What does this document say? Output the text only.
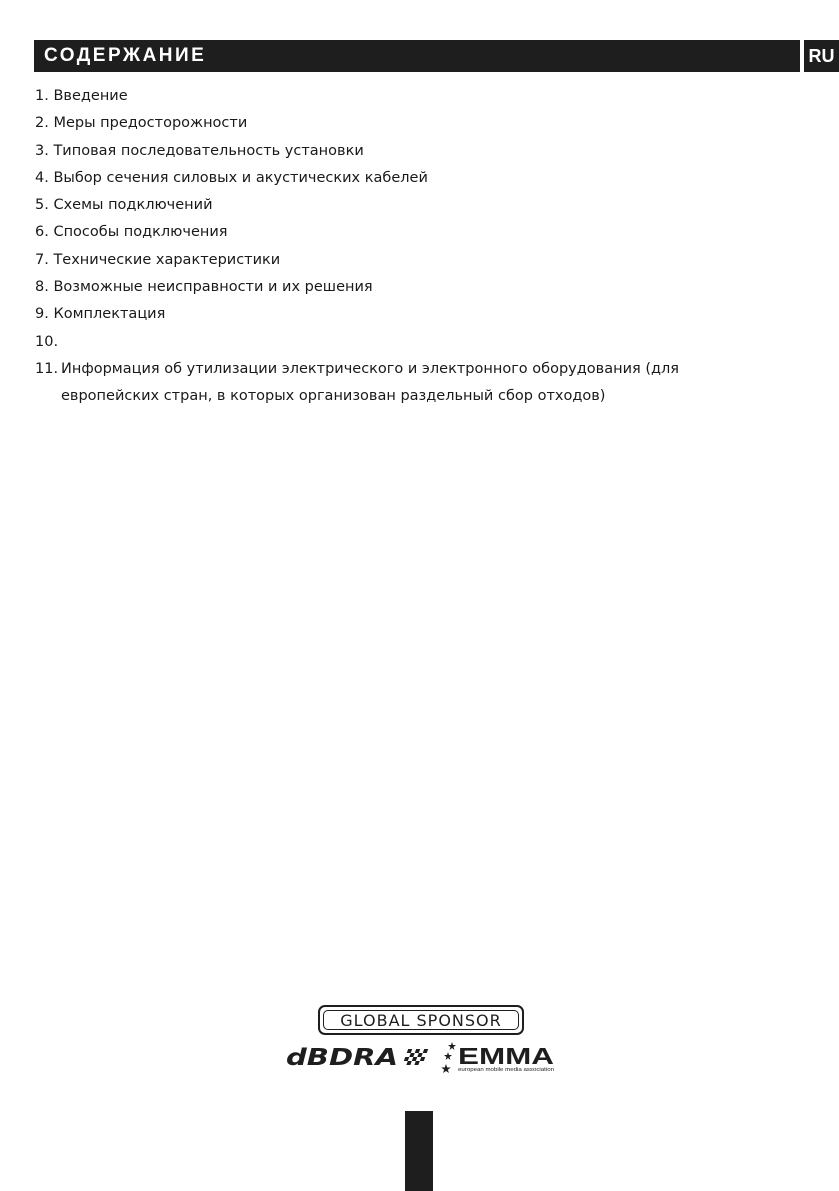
СОДЕРЖАНИЕ	RU
1. Введение
2. Меры предосторожности
3. Типовая последовательность установки
4. Выбор сечения силовых и акустических кабелей
5. Схемы подключений
6. Способы подключения
7. Технические характеристики
8. Возможные неисправности и их решения
9. Комплектация
10.
11.
Информация об утилизации электрического и электронного оборудования (для европейских стран, в которых организован раздельный сбор отходов)
GLOBAL SPONSOR
dBDRA	EMMA
european mobile media association
